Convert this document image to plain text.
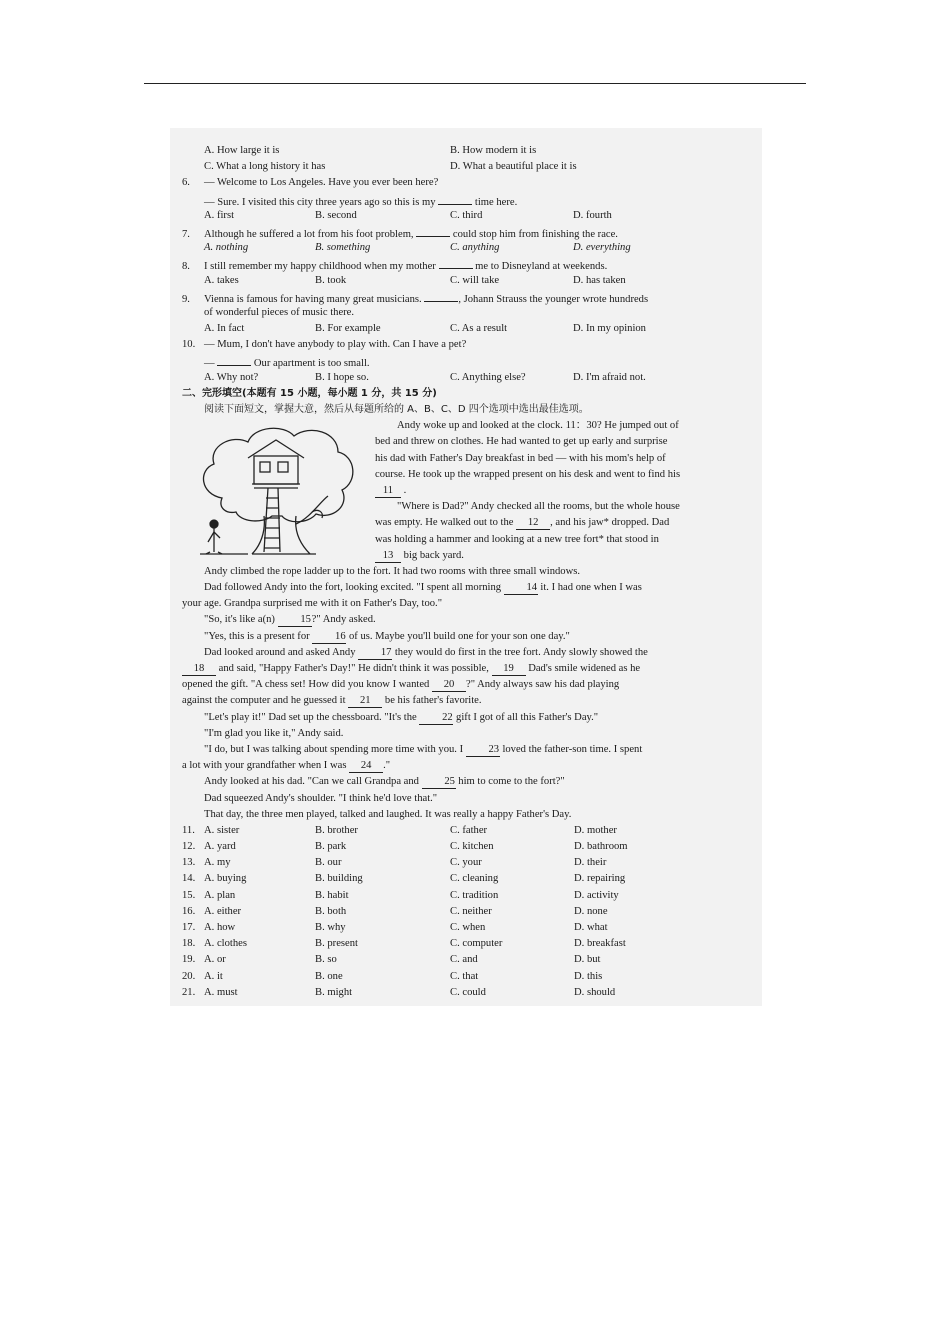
A. How large it is	B. How modern it is
C. What a long history it has	D. What a beautiful place it is
6. — Welcome to Los Angeles. Have you ever been here?
— Sure. I visited this city three years ago so this is my	time here.
A. first	B. second	C. third	D. fourth
7. Although he suffered a lot from his foot problem,	could stop him from finishing the race.
A. nothing	B. something	C. anything	D. everything
8. I still remember my happy childhood when my mother	me to Disneyland at weekends.
A. takes	B. took	C. will take	D. has taken
9. Vienna is famous for having many great musicians.	, Johann Strauss the younger wrote hundreds
of wonderful pieces of music there.
A. In fact	B. For example	C. As a result	D. In my opinion
10. — Mum, I don't have anybody to play with. Can I have a pet?
—	Our apartment is too small.
A. Why not?	B. I hope so.	C. Anything else?	D. I'm afraid not.
二、完形填空(本题有 15 小题，每小题 1 分，共 15 分)
阅读下面短文，掌握大意，然后从每题所给的 A、B、C、D 四个选项中选出最佳选项。
Andy woke up and looked at the clock. 11：30? He jumped out of
bed and threw on clothes. He had wanted to get up early and surprise
his dad with Father's Day breakfast in bed — with his mom's help of
course. He took up the wrapped present on his desk and went to find his
11 .
"Where is Dad?" Andy checked all the rooms, but the whole house
was empty. He walked out to the 12 , and his jaw* dropped. Dad
was holding a hammer and looking at a new tree fort* that stood in
13 big back yard.
Andy climbed the rope ladder up to the fort. It had two rooms with three small windows.
Dad followed Andy into the fort, looking excited. "I spent all morning 14 it. I had one when I was
your age. Grandpa surprised me with it on Father's Day, too."
"So, it's like a(n) 15?" Andy asked.
"Yes, this is a present for 16 of us. Maybe you'll build one for your son one day."
Dad looked around and asked Andy 17 they would do first in the tree fort. Andy slowly showed the
18 and said, "Happy Father's Day!" He didn't think it was possible, 19 Dad's smile widened as he
opened the gift. "A chess set! How did you know I wanted 20 ?" Andy always saw his dad playing
against the computer and he guessed it 21 be his father's favorite.
"Let's play it!" Dad set up the chessboard. "It's the 22 gift I got of all this Father's Day."
"I'm glad you like it," Andy said.
"I do, but I was talking about spending more time with you. I 23 loved the father-son time. I spent
a lot with your grandfather when I was 24 ."
Andy looked at his dad. "Can we call Grandpa and 25 him to come to the fort?"
Dad squeezed Andy's shoulder. "I think he'd love that."
That day, the three men played, talked and laughed. It was really a happy Father's Day.
11. A. sister	B. brother	C. father	D. mother
12. A. yard	B. park	C. kitchen	D. bathroom
13. A. my	B. our	C. your	D. their
14. A. buying	B. building	C. cleaning	D. repairing
15. A. plan	B. habit	C. tradition	D. activity
16. A. either	B. both	C. neither	D. none
17. A. how	B. why	C. when	D. what
18. A. clothes	B. present	C. computer	D. breakfast
19. A. or	B. so	C. and	D. but
20. A. it	B. one	C. that	D. this
21. A. must	B. might	C. could	D. should
